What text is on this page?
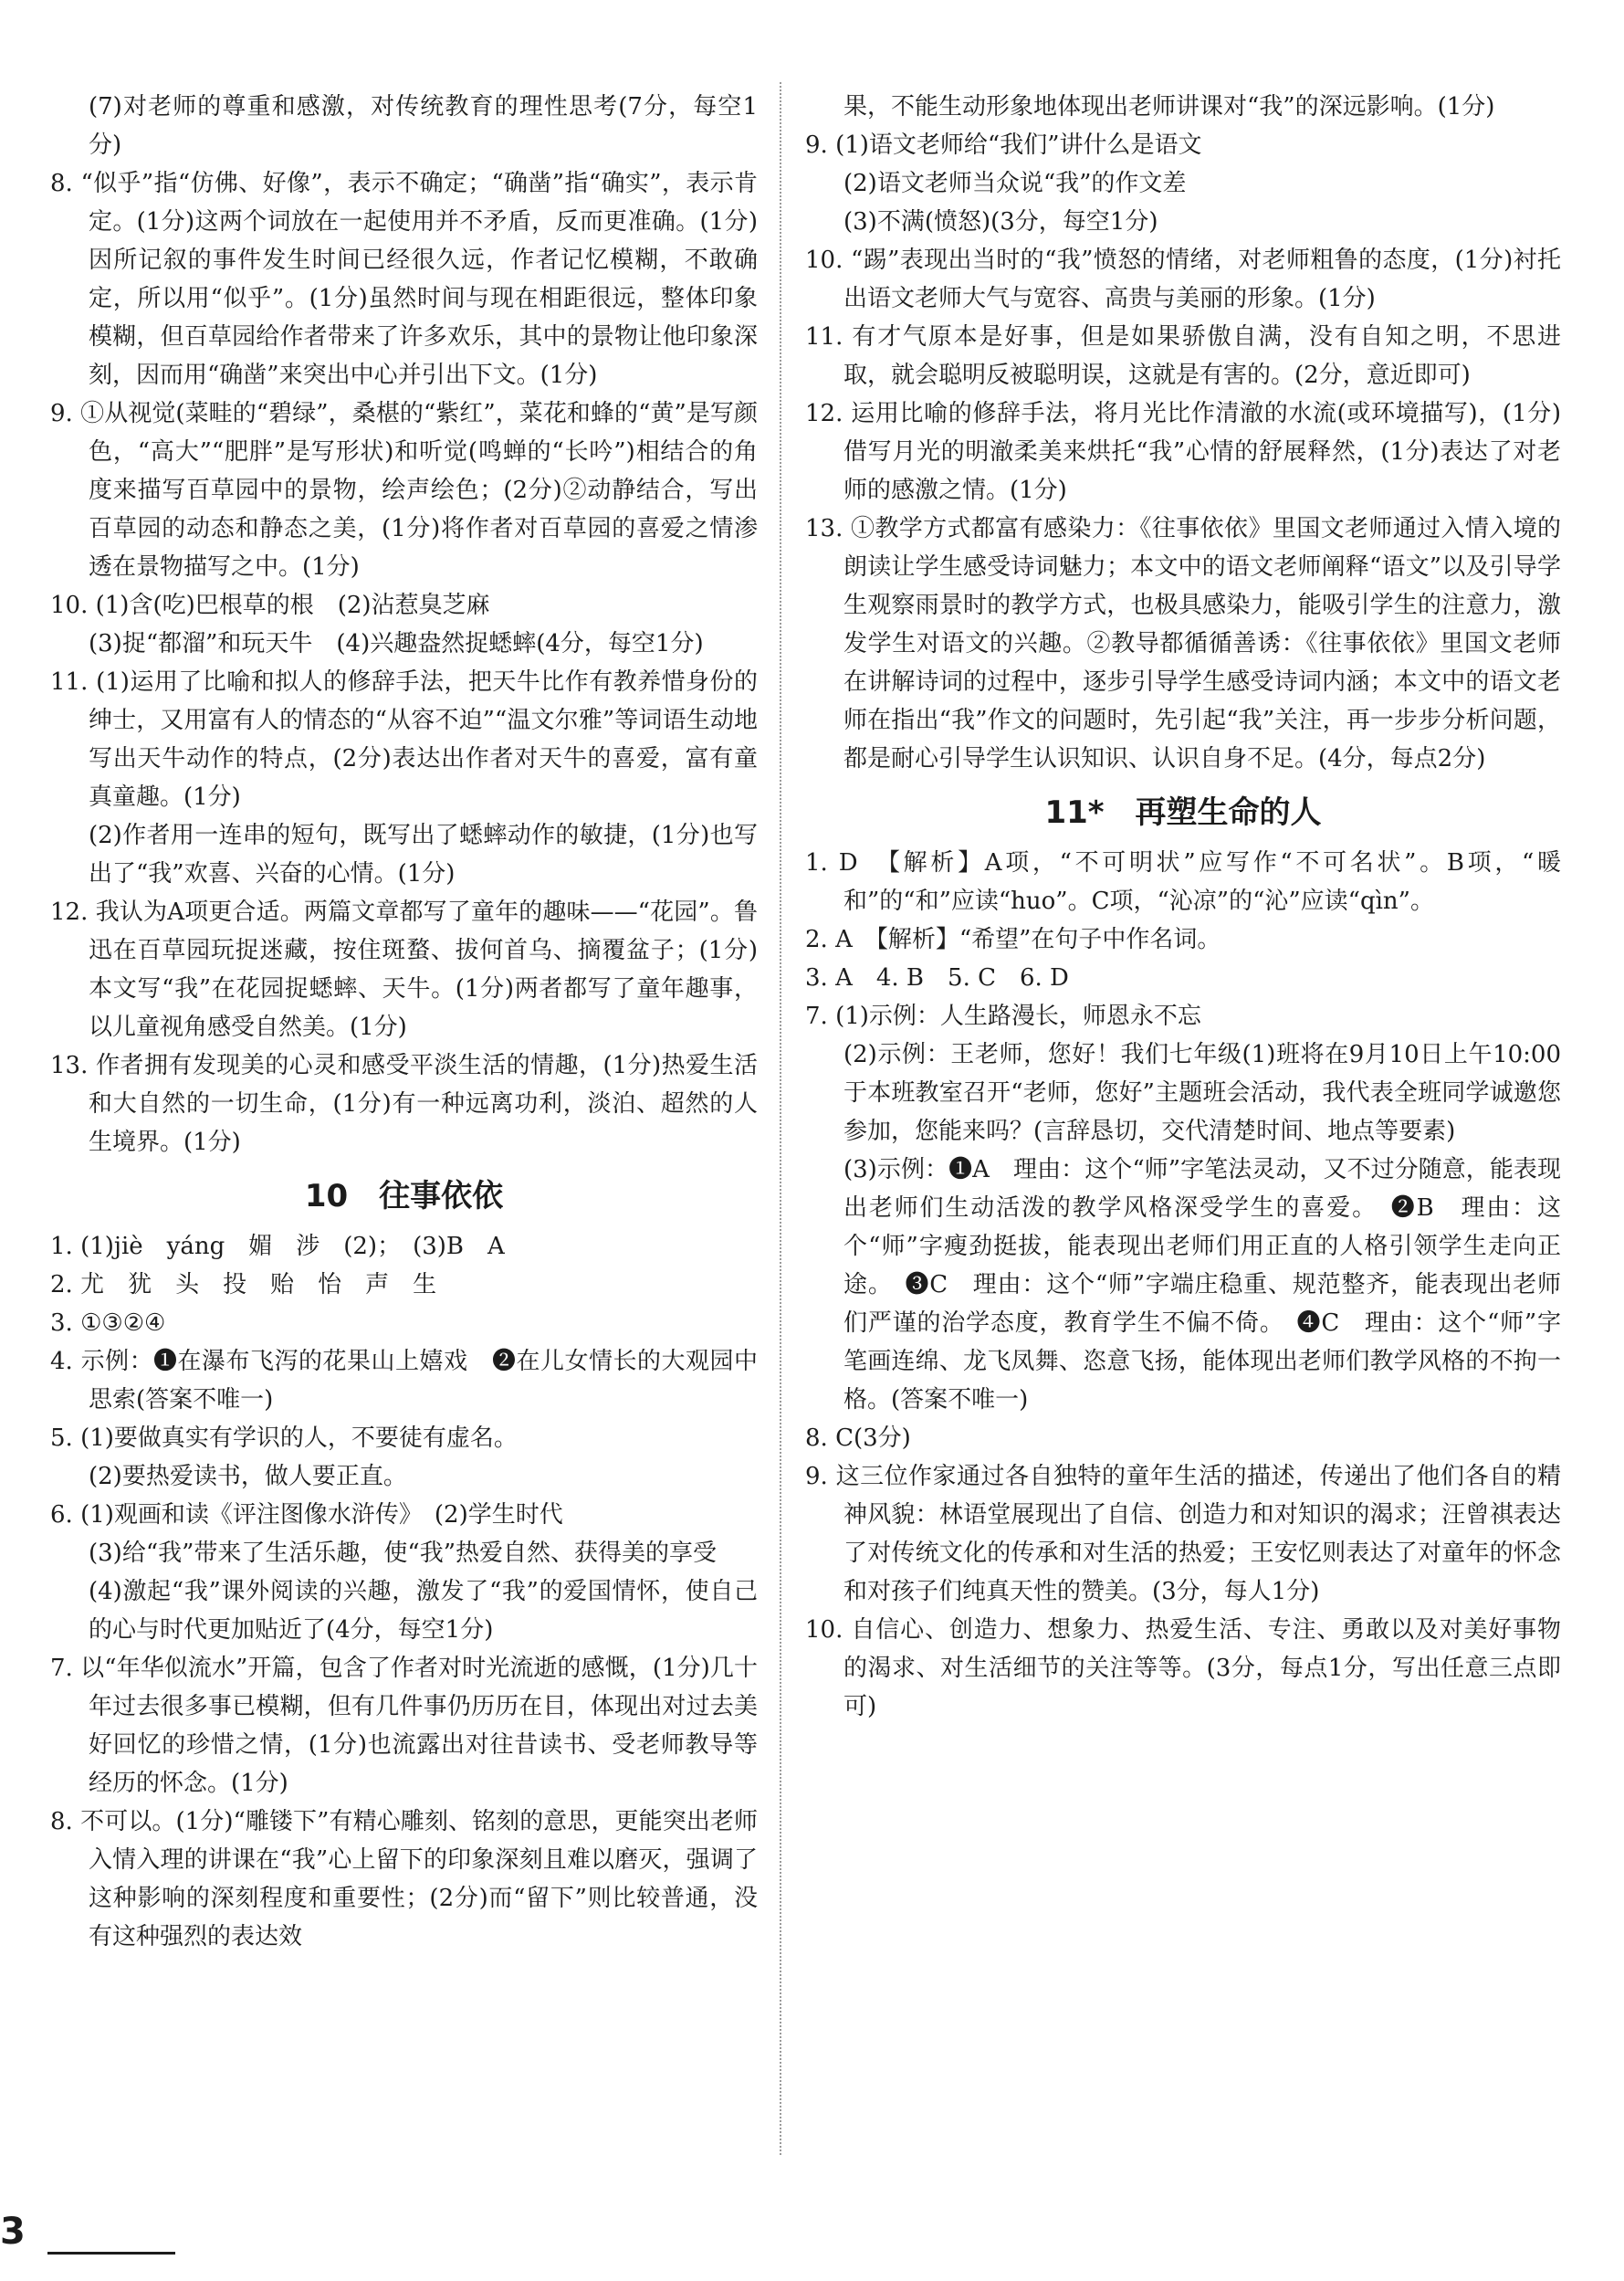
(7)对老师的尊重和感激，对传统教育的理性思考(7分，每空1分)
8. “似乎”指“仿佛、好像”，表示不确定；“确凿”指“确实”，表示肯定。(1分)这两个词放在一起使用并不矛盾，反而更准确。(1分)因所记叙的事件发生时间已经很久远，作者记忆模糊，不敢确定，所以用“似乎”。(1分)虽然时间与现在相距很远，整体印象模糊，但百草园给作者带来了许多欢乐，其中的景物让他印象深刻，因而用“确凿”来突出中心并引出下文。(1分)
9. ①从视觉(菜畦的“碧绿”，桑椹的“紫红”，菜花和蜂的“黄”是写颜色，“高大”“肥胖”是写形状)和听觉(鸣蝉的“长吟”)相结合的角度来描写百草园中的景物，绘声绘色；(2分)②动静结合，写出百草园的动态和静态之美，(1分)将作者对百草园的喜爱之情渗透在景物描写之中。(1分)
10. (1)含(吃)巴根草的根　(2)沾惹臭芝麻
(3)捉“都溜”和玩天牛　(4)兴趣盎然捉蟋蟀(4分，每空1分)
11. (1)运用了比喻和拟人的修辞手法，把天牛比作有教养惜身份的绅士，又用富有人的情态的“从容不迫”“温文尔雅”等词语生动地写出天牛动作的特点，(2分)表达出作者对天牛的喜爱，富有童真童趣。(1分)
(2)作者用一连串的短句，既写出了蟋蟀动作的敏捷，(1分)也写出了“我”欢喜、兴奋的心情。(1分)
12. 我认为A项更合适。两篇文章都写了童年的趣味——“花园”。鲁迅在百草园玩捉迷藏，按住斑蝥、拔何首乌、摘覆盆子；(1分)本文写“我”在花园捉蟋蟀、天牛。(1分)两者都写了童年趣事，以儿童视角感受自然美。(1分)
13. 作者拥有发现美的心灵和感受平淡生活的情趣，(1分)热爱生活和大自然的一切生命，(1分)有一种远离功利，淡泊、超然的人生境界。(1分)
10　往事依依
1. (1)jiè　yáng　媚　涉　(2)；　(3)B　A
2. 尤　犹　头　投　贻　怡　声　生
3. ①③②④
4. 示例：❶在瀑布飞泻的花果山上嬉戏　❷在儿女情长的大观园中思索(答案不唯一)
5. (1)要做真实有学识的人，不要徒有虚名。
(2)要热爱读书，做人要正直。
6. (1)观画和读《评注图像水浒传》　(2)学生时代
(3)给“我”带来了生活乐趣，使“我”热爱自然、获得美的享受
(4)激起“我”课外阅读的兴趣，激发了“我”的爱国情怀，使自己的心与时代更加贴近了(4分，每空1分)
7. 以“年华似流水”开篇，包含了作者对时光流逝的感慨，(1分)几十年过去很多事已模糊，但有几件事仍历历在目，体现出对过去美好回忆的珍惜之情，(1分)也流露出对往昔读书、受老师教导等经历的怀念。(1分)
8. 不可以。(1分)“雕镂下”有精心雕刻、铭刻的意思，更能突出老师入情入理的讲课在“我”心上留下的印象深刻且难以磨灭，强调了这种影响的深刻程度和重要性；(2分)而“留下”则比较普通，没有这种强烈的表达效
果，不能生动形象地体现出老师讲课对“我”的深远影响。(1分)
9. (1)语文老师给“我们”讲什么是语文
(2)语文老师当众说“我”的作文差
(3)不满(愤怒)(3分，每空1分)
10. “踢”表现出当时的“我”愤怒的情绪，对老师粗鲁的态度，(1分)衬托出语文老师大气与宽容、高贵与美丽的形象。(1分)
11. 有才气原本是好事，但是如果骄傲自满，没有自知之明，不思进取，就会聪明反被聪明误，这就是有害的。(2分，意近即可)
12. 运用比喻的修辞手法，将月光比作清澈的水流(或环境描写)，(1分)借写月光的明澈柔美来烘托“我”心情的舒展释然，(1分)表达了对老师的感激之情。(1分)
13. ①教学方式都富有感染力：《往事依依》里国文老师通过入情入境的朗读让学生感受诗词魅力；本文中的语文老师阐释“语文”以及引导学生观察雨景时的教学方式，也极具感染力，能吸引学生的注意力，激发学生对语文的兴趣。②教导都循循善诱：《往事依依》里国文老师在讲解诗词的过程中，逐步引导学生感受诗词内涵；本文中的语文老师在指出“我”作文的问题时，先引起“我”关注，再一步步分析问题，都是耐心引导学生认识知识、认识自身不足。(4分，每点2分)
11*　再塑生命的人
1. D　【解析】A项，“不可明状”应写作“不可名状”。B项，“暖和”的“和”应读“huo”。C项，“沁凉”的“沁”应读“qìn”。
2. A　【解析】“希望”在句子中作名词。
3. A　4. B　5. C　6. D
7. (1)示例：人生路漫长，师恩永不忘
(2)示例：王老师，您好！我们七年级(1)班将在9月10日上午10:00于本班教室召开“老师，您好”主题班会活动，我代表全班同学诚邀您参加，您能来吗？(言辞恳切，交代清楚时间、地点等要素)
(3)示例：❶A　理由：这个“师”字笔法灵动，又不过分随意，能表现出老师们生动活泼的教学风格深受学生的喜爱。　❷B　理由：这个“师”字瘦劲挺拔，能表现出老师们用正直的人格引领学生走向正途。　❸C　理由：这个“师”字端庄稳重、规范整齐，能表现出老师们严谨的治学态度，教育学生不偏不倚。　❹C　理由：这个“师”字笔画连绵、龙飞凤舞、恣意飞扬，能体现出老师们教学风格的不拘一格。(答案不唯一)
8. C(3分)
9. 这三位作家通过各自独特的童年生活的描述，传递出了他们各自的精神风貌：林语堂展现出了自信、创造力和对知识的渴求；汪曾祺表达了对传统文化的传承和对生活的热爱；王安忆则表达了对童年的怀念和对孩子们纯真天性的赞美。(3分，每人1分)
10. 自信心、创造力、想象力、热爱生活、专注、勇敢以及对美好事物的渴求、对生活细节的关注等等。(3分，每点1分，写出任意三点即可)
3
